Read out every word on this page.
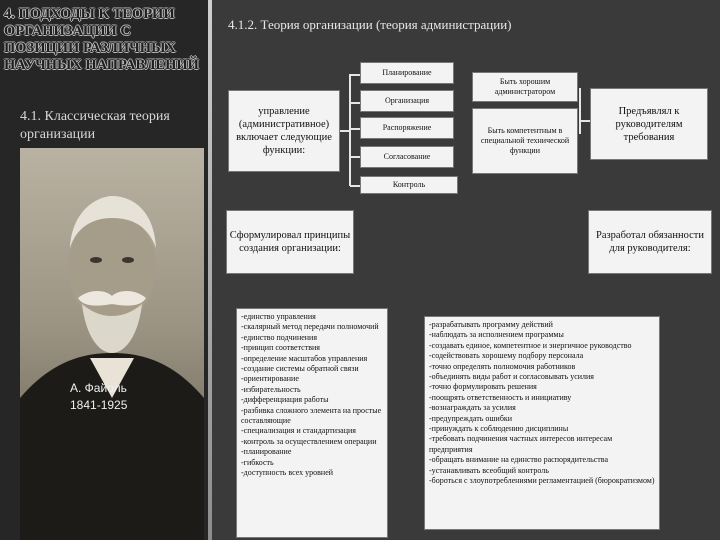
4. ПОДХОДЫ К ТЕОРИИ ОРГАНИЗАЦИИ С ПОЗИЦИИ РАЗЛИЧНЫХ НАУЧНЫХ НАПРАВЛЕНИЙ
4.1. Классическая теория организации
А. Файоль
1841-1925
4.1.2. Теория организации (теория администрации)
управление (административное) включает следующие функции:
Планирование
Организация
Распоряжение
Согласование
Контроль
Быть хорошим администратором
Быть компетентным в специальной технической функции
Предъявлял к руководителям требования
Сформулировал принципы создания организации:
Разработал обязанности для руководителя:
-единство управления
-скалярный метод передачи полномочий
-единство подчинения
-принцип соответствия
-определение масштабов управления
-создание системы обратной связи
-ориентирование
-избирательность
-дифференциация работы
-разбивка сложного элемента на простые составляющие
-специализация и стандартизация
-контроль за осуществлением операции
-планирование
-гибкость
-доступность всех уровней
-разрабатывать программу действий
-наблюдать за исполнением программы
-создавать единое, компетентное и энергичное руководство
-содействовать хорошему подбору персонала
-точно определять полномочия работников
-объединять виды работ и согласовывать усилия
-точно формулировать решения
-поощрять ответственность и инициативу
-вознаграждать за усилия
-предупреждать ошибки
-принуждать к соблюдению дисциплины
-требовать подчинения частных интересов интересам предприятия
-обращать внимание на единство распорядительства
-устанавливать всеобщий контроль
-бороться с злоупотреблениями регламентацией (бюрократизмом)
